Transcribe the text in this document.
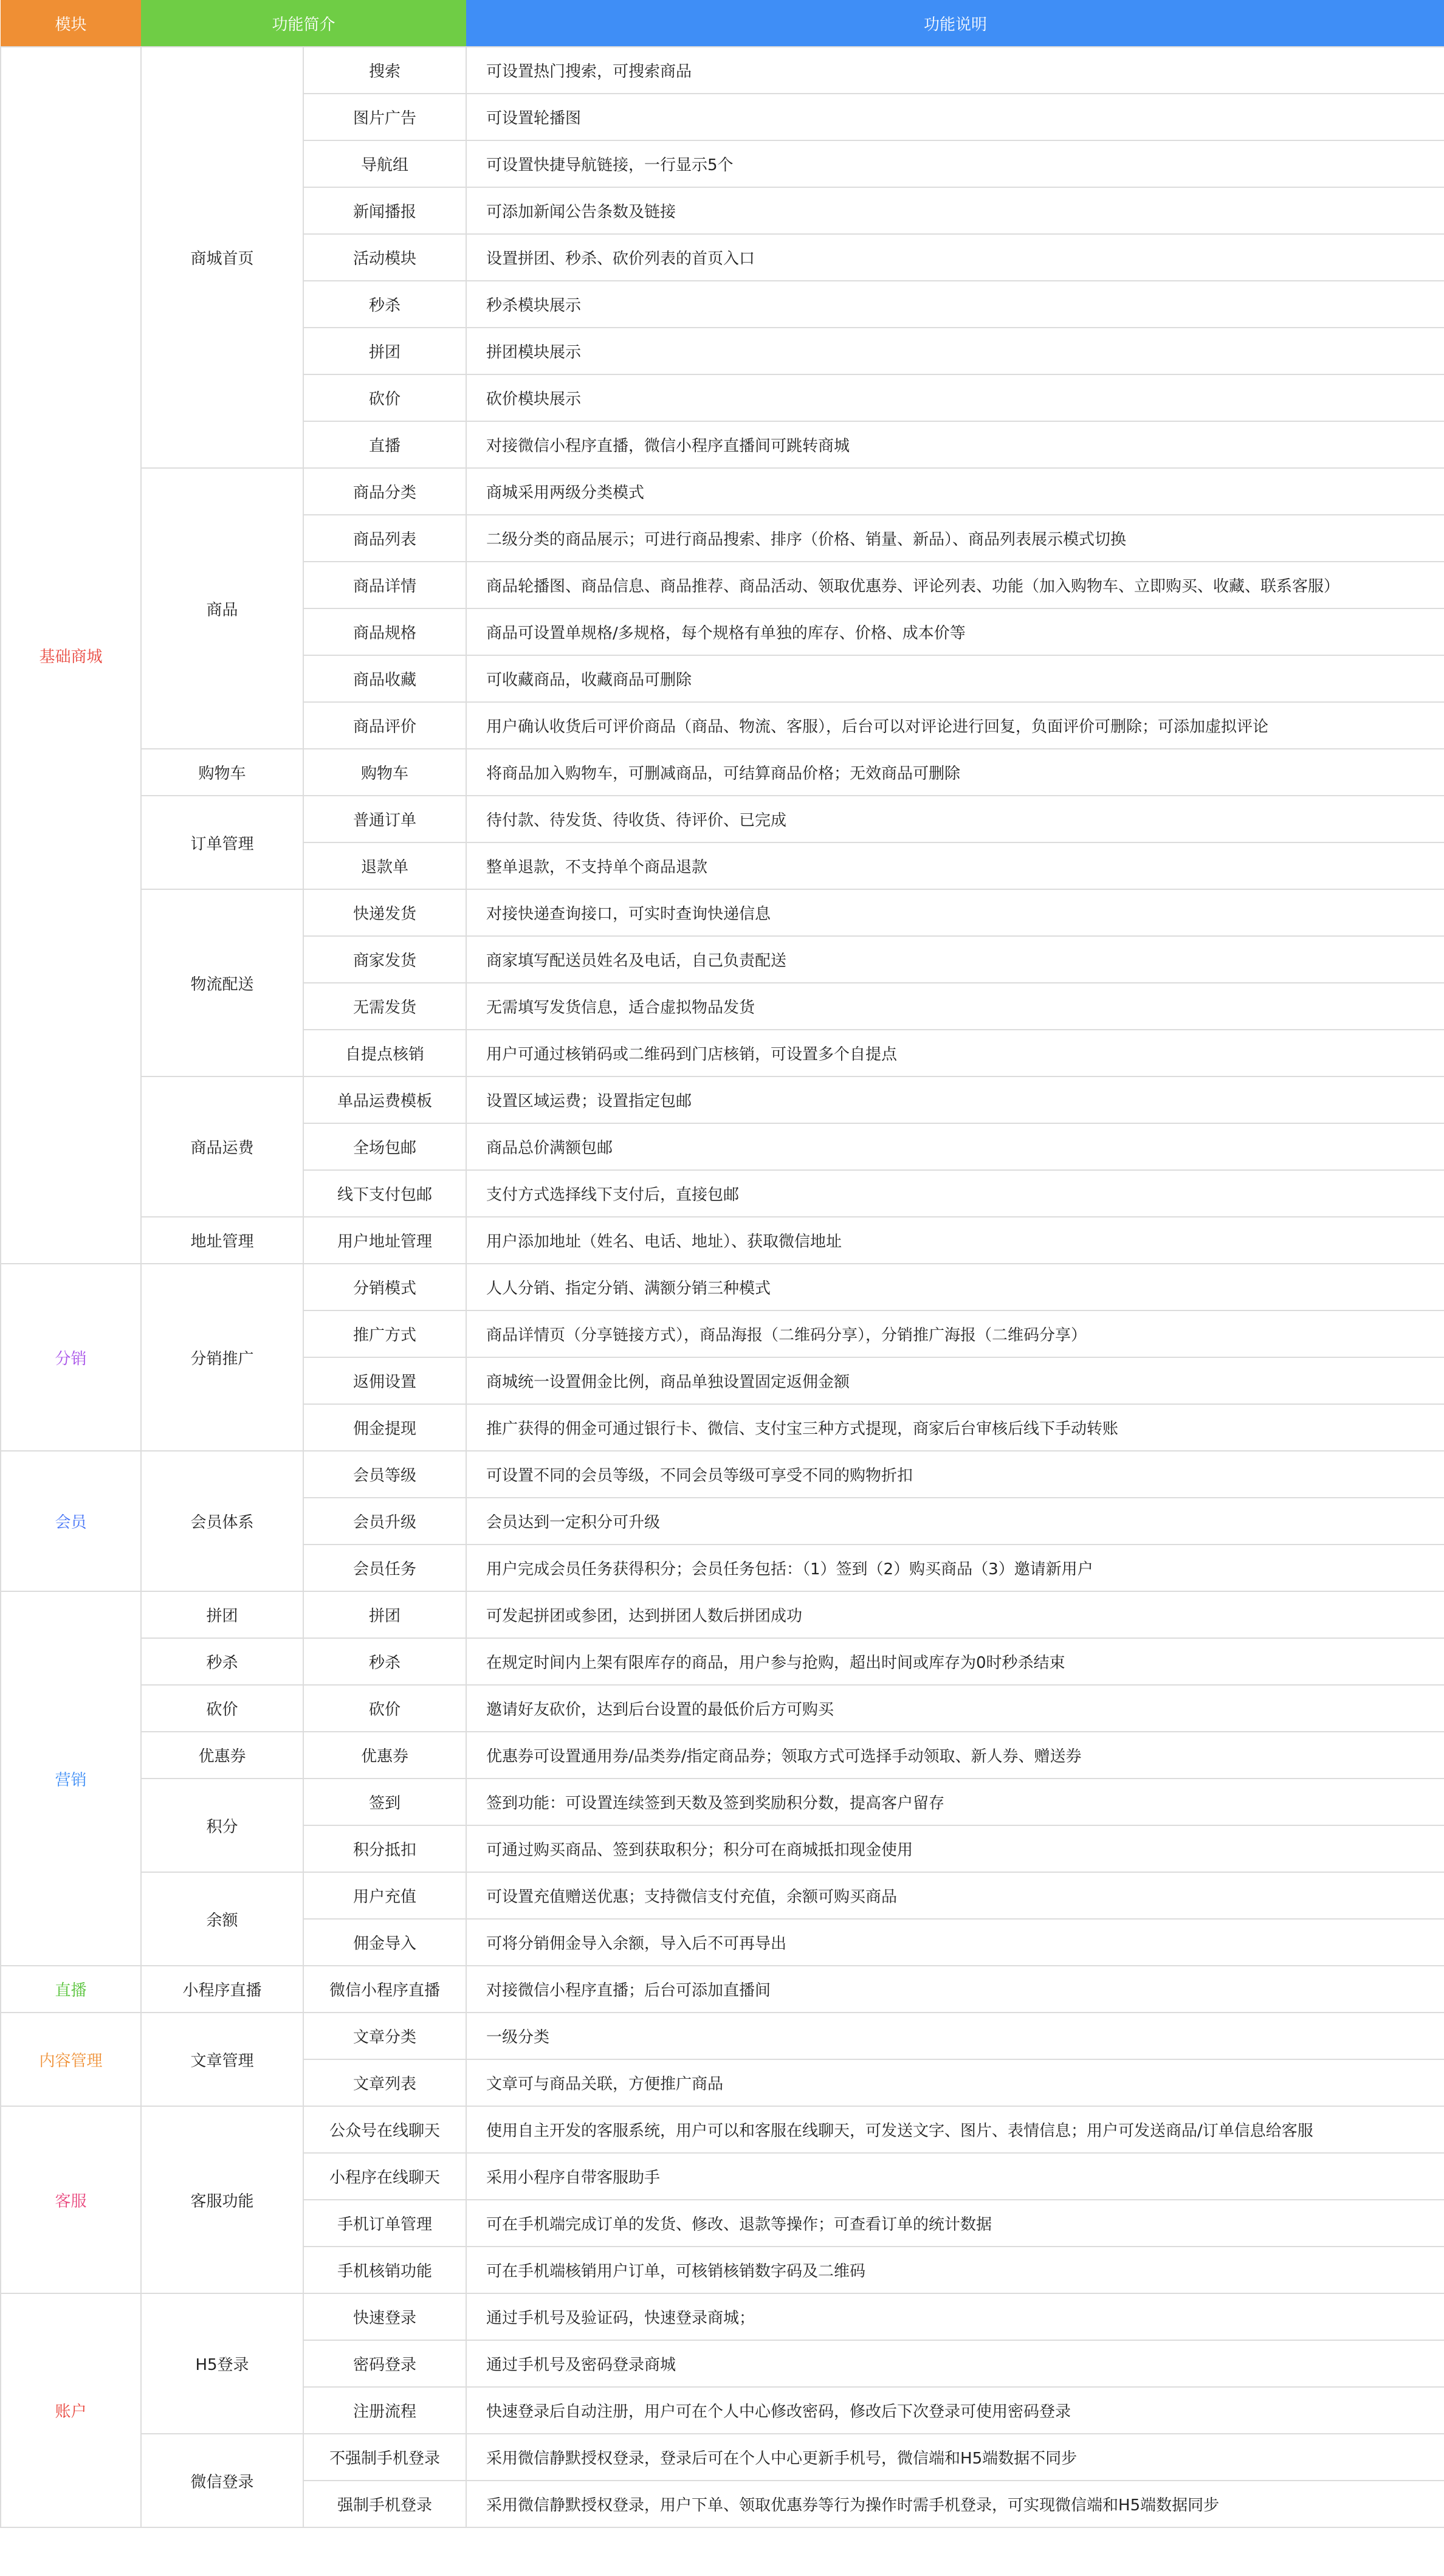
模块	功能简介		功能说明
基础商城	商城首页	搜索	可设置热门搜索，可搜索商品
		图片广告	可设置轮播图
		导航组	可设置快捷导航链接，一行显示5个
		新闻播报	可添加新闻公告条数及链接
		活动模块	设置拼团、秒杀、砍价列表的首页入口
		秒杀	秒杀模块展示
		拼团	拼团模块展示
		砍价	砍价模块展示
		直播	对接微信小程序直播，微信小程序直播间可跳转商城
	商品	商品分类	商城采用两级分类模式
		商品列表	二级分类的商品展示；可进行商品搜索、排序（价格、销量、新品）、商品列表展示模式切换
		商品详情	商品轮播图、商品信息、商品推荐、商品活动、领取优惠券、评论列表、功能（加入购物车、立即购买、收藏、联系客服）
		商品规格	商品可设置单规格/多规格，每个规格有单独的库存、价格、成本价等
		商品收藏	可收藏商品，收藏商品可删除
		商品评价	用户确认收货后可评价商品（商品、物流、客服），后台可以对评论进行回复，负面评价可删除；可添加虚拟评论
	购物车	购物车	将商品加入购物车，可删减商品，可结算商品价格；无效商品可删除
	订单管理	普通订单	待付款、待发货、待收货、待评价、已完成
		退款单	整单退款，不支持单个商品退款
	物流配送	快递发货	对接快递查询接口，可实时查询快递信息
		商家发货	商家填写配送员姓名及电话，自己负责配送
		无需发货	无需填写发货信息，适合虚拟物品发货
		自提点核销	用户可通过核销码或二维码到门店核销，可设置多个自提点
	商品运费	单品运费模板	设置区域运费；设置指定包邮
		全场包邮	商品总价满额包邮
		线下支付包邮	支付方式选择线下支付后，直接包邮
	地址管理	用户地址管理	用户添加地址（姓名、电话、地址）、获取微信地址
分销	分销推广	分销模式	人人分销、指定分销、满额分销三种模式
		推广方式	商品详情页（分享链接方式），商品海报（二维码分享），分销推广海报（二维码分享）
		返佣设置	商城统一设置佣金比例，商品单独设置固定返佣金额
		佣金提现	推广获得的佣金可通过银行卡、微信、支付宝三种方式提现，商家后台审核后线下手动转账
会员	会员体系	会员等级	可设置不同的会员等级，不同会员等级可享受不同的购物折扣
		会员升级	会员达到一定积分可升级
		会员任务	用户完成会员任务获得积分；会员任务包括：（1）签到（2）购买商品（3）邀请新用户
营销	拼团	拼团	可发起拼团或参团，达到拼团人数后拼团成功
	秒杀	秒杀	在规定时间内上架有限库存的商品，用户参与抢购，超出时间或库存为0时秒杀结束
	砍价	砍价	邀请好友砍价，达到后台设置的最低价后方可购买
	优惠券	优惠券	优惠券可设置通用券/品类券/指定商品券；领取方式可选择手动领取、新人券、赠送券
	积分	签到	签到功能：可设置连续签到天数及签到奖励积分数，提高客户留存
		积分抵扣	可通过购买商品、签到获取积分；积分可在商城抵扣现金使用
	余额	用户充值	可设置充值赠送优惠；支持微信支付充值，余额可购买商品
		佣金导入	可将分销佣金导入余额，导入后不可再导出
直播	小程序直播	微信小程序直播	对接微信小程序直播；后台可添加直播间
内容管理	文章管理	文章分类	一级分类
		文章列表	文章可与商品关联，方便推广商品
客服	客服功能	公众号在线聊天	使用自主开发的客服系统，用户可以和客服在线聊天，可发送文字、图片、表情信息；用户可发送商品/订单信息给客服
		小程序在线聊天	采用小程序自带客服助手
		手机订单管理	可在手机端完成订单的发货、修改、退款等操作；可查看订单的统计数据
		手机核销功能	可在手机端核销用户订单，可核销核销数字码及二维码
账户	H5登录	快速登录	通过手机号及验证码，快速登录商城；
		密码登录	通过手机号及密码登录商城
		注册流程	快速登录后自动注册，用户可在个人中心修改密码，修改后下次登录可使用密码登录
	微信登录	不强制手机登录	采用微信静默授权登录，登录后可在个人中心更新手机号，微信端和H5端数据不同步
		强制手机登录	采用微信静默授权登录，用户下单、领取优惠券等行为操作时需手机登录，可实现微信端和H5端数据同步
